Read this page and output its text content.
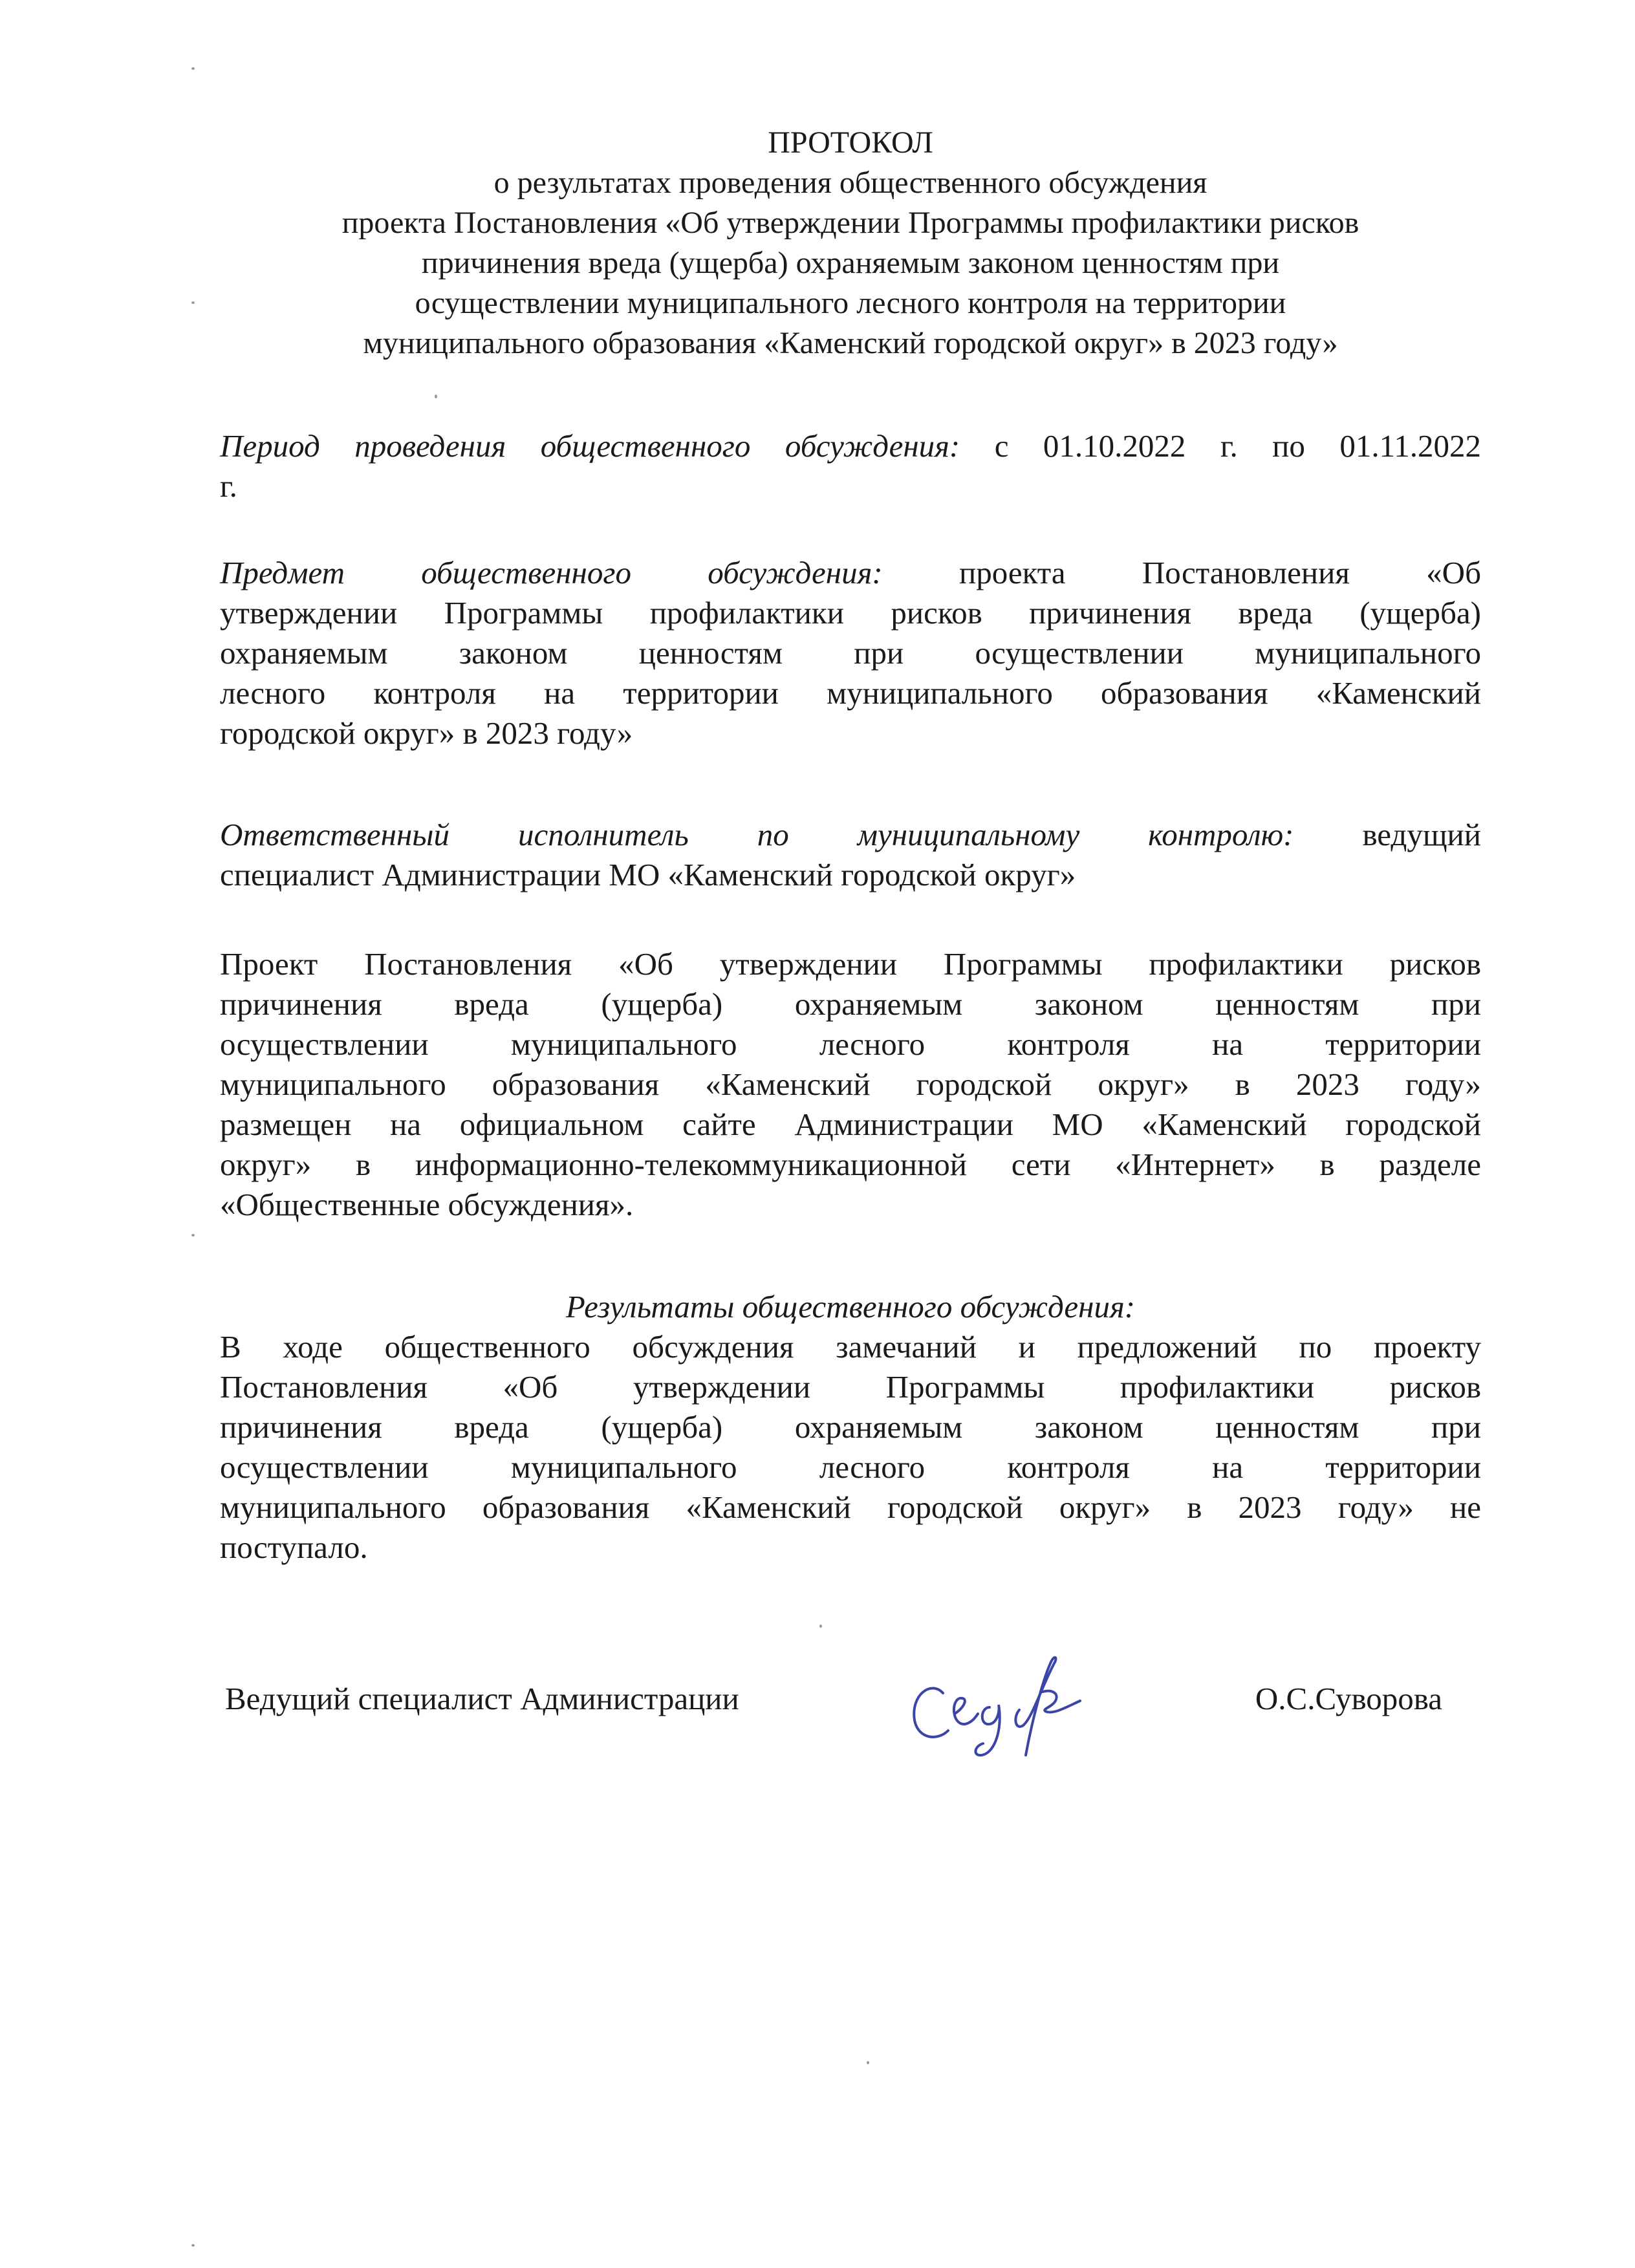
ПРОТОКОЛ
о результатах проведения общественного обсуждения
проекта Постановления «Об утверждении Программы профилактики рисков
причинения вреда (ущерба) охраняемым законом ценностям при
осуществлении муниципального лесного контроля на территории
муниципального образования «Каменский городской округ» в 2023 году»
Период проведения общественного обсуждения: с 01.10.2022 г. по 01.11.2022
г.
Предмет общественного обсуждения: проекта Постановления «Об
утверждении Программы профилактики рисков причинения вреда (ущерба)
охраняемым законом ценностям при осуществлении муниципального
лесного контроля на территории муниципального образования «Каменский
городской округ» в 2023 году»
Ответственный исполнитель по муниципальному контролю: ведущий
специалист Администрации МО «Каменский городской округ»
Проект Постановления «Об утверждении Программы профилактики рисков
причинения вреда (ущерба) охраняемым законом ценностям при
осуществлении муниципального лесного контроля на территории
муниципального образования «Каменский городской округ» в 2023 году»
размещен на официальном сайте Администрации МО «Каменский городской
округ» в информационно-телекоммуникационной сети «Интернет» в разделе
«Общественные обсуждения».
Результаты общественного обсуждения:
В ходе общественного обсуждения замечаний и предложений по проекту
Постановления «Об утверждении Программы профилактики рисков
причинения вреда (ущерба) охраняемым законом ценностям при
осуществлении муниципального лесного контроля на территории
муниципального образования «Каменский городской округ» в 2023 году» не
поступало.
Ведущий специалист Администрации	О.С.Суворова
